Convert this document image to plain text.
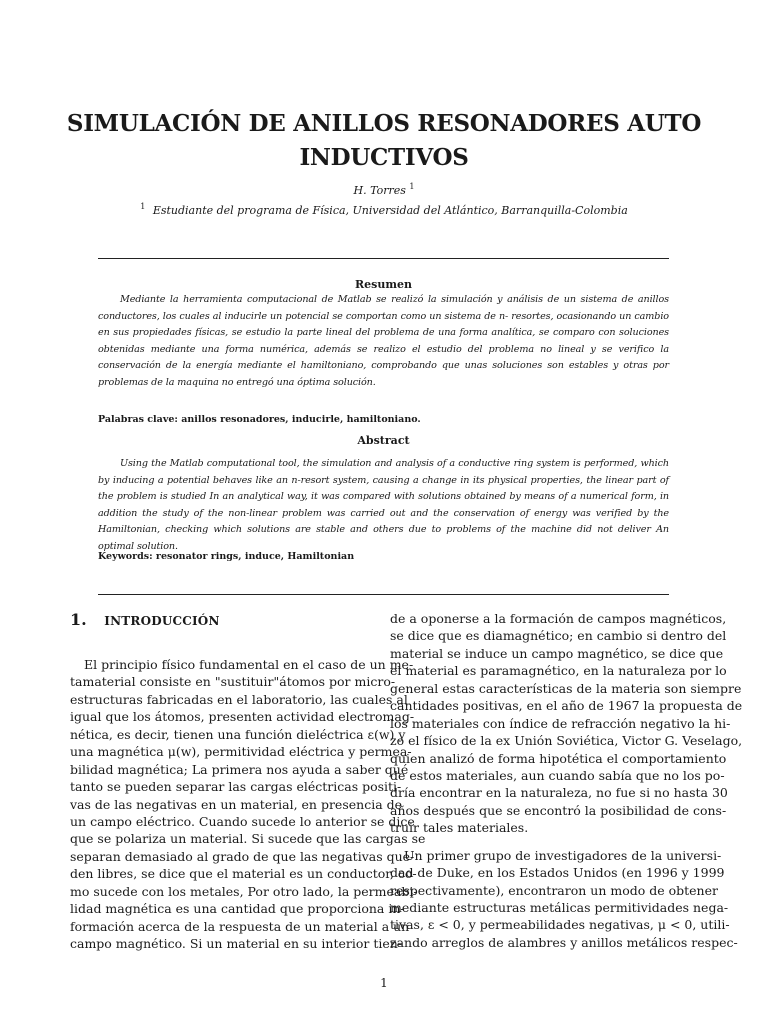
SIMULACIÓN DE ANILLOS RESONADORES AUTO
INDUCTIVOS
H. Torres $^1$
$^1$ Estudiante del programa de Física, Universidad del Atlántico, Barranquilla-Colombia
Resumen
Mediante la herramienta computacional de Matlab se realizó la simulación y análisis de un sistema de anillos conductores, los cuales al inducirle un potencial se comportan como un sistema de n- resortes, ocasionando un cambio en sus propiedades físicas, se estudio la parte lineal del problema de una forma analítica, se comparo con soluciones obtenidas mediante una forma numérica, además se realizo el estudio del problema no lineal y se verifico la conservación de la energía mediante el hamiltoniano, comprobando que unas soluciones son estables y otras por problemas de la maquina no entregó una óptima solución.
Palabras clave: anillos resonadores, inducirle, hamiltoniano.
Abstract
Using the Matlab computational tool, the simulation and analysis of a conductive ring system is performed, which by inducing a potential behaves like an n-resort system, causing a change in its physical properties, the linear part of the problem is studied In an analytical way, it was compared with solutions obtained by means of a numerical form, in addition the study of the non-linear problem was carried out and the conservation of energy was verified by the Hamiltonian, checking which solutions are stable and others due to problems of the machine did not deliver An optimal solution.
Keywords: resonator rings, induce, Hamiltonian
1. INTRODUCCIÓN
El principio físico fundamental en el caso de un me-
tamaterial consiste en "sustituir"átomos por micro-
estructuras fabricadas en el laboratorio, las cuales al
igual que los átomos, presenten actividad electromag-
nética, es decir, tienen una función dieléctrica ε(w) y
una magnética μ(w), permitividad eléctrica y permea-
bilidad magnética; La primera nos ayuda a saber qué
tanto se pueden separar las cargas eléctricas positi-
vas de las negativas en un material, en presencia de
un campo eléctrico. Cuando sucede lo anterior se dice
que se polariza un material. Si sucede que las cargas se
separan demasiado al grado de que las negativas que-
den libres, se dice que el material es un conductor, co-
mo sucede con los metales, Por otro lado, la permeabi-
lidad magnética es una cantidad que proporciona in-
formación acerca de la respuesta de un material a un
campo magnético. Si un material en su interior tien-
de a oponerse a la formación de campos magnéticos,
se dice que es diamagnético; en cambio si dentro del
material se induce un campo magnético, se dice que
el material es paramagnético, en la naturaleza por lo
general estas características de la materia son siempre
cantidades positivas, en el año de 1967 la propuesta de
los materiales con índice de refracción negativo la hi-
zo el físico de la ex Unión Soviética, Victor G. Veselago,
quien analizó de forma hipotética el comportamiento
de estos materiales, aun cuando sabía que no los po-
dría encontrar en la naturaleza, no fue si no hasta 30
años después que se encontró la posibilidad de cons-
truir tales materiales.
Un primer grupo de investigadores de la universi-
dad de Duke, en los Estados Unidos (en 1996 y 1999
respectivamente), encontraron un modo de obtener
mediante estructuras metálicas permitividades nega-
tivas, ε < 0, y permeabilidades negativas, μ < 0, utili-
zando arreglos de alambres y anillos metálicos respec-
1
